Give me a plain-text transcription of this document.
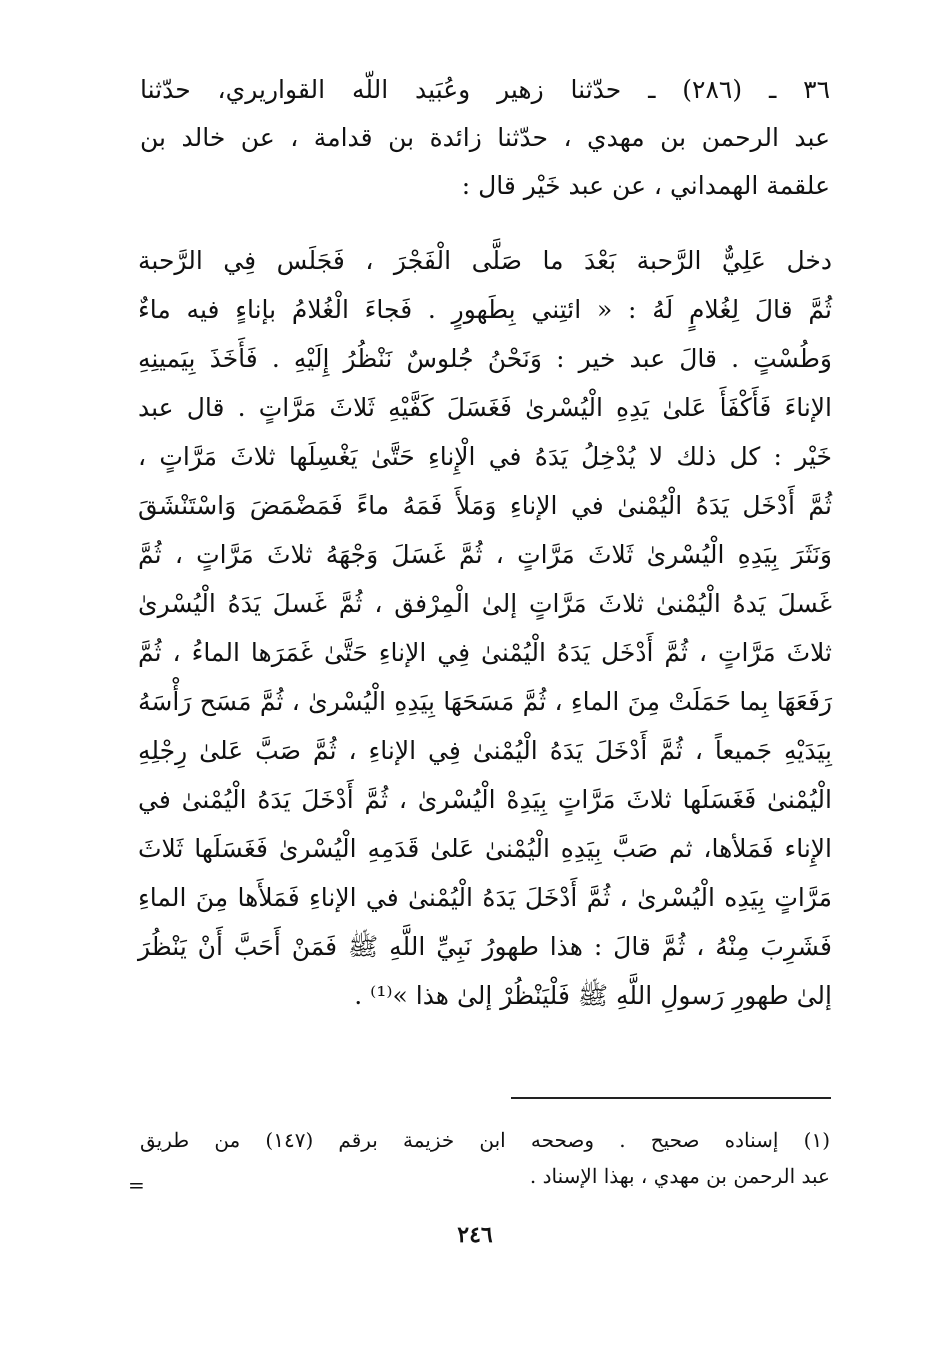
٣٦ ـ (٢٨٦) ـ حدّثنا زهير وعُبَيد اللّه القواريري، حدّثنا
عبد الرحمن بن مهدي ، حدّثنا زائدة بن قدامة ، عن خالد بن
علقمة الهمداني ، عن عبد خَيْر قال :
دخل عَلِيٌّ الرَّحبة بَعْدَ ما صَلَّى الْفَجْرَ ، فَجَلَس فِي الرَّحبة
ثُمَّ قالَ لِغُلامٍ لَهُ : « ائتِني بِطَهورٍ . فَجاءَ الْغُلامُ بإناءٍ فيه ماءٌ
وَطُسْتٍ . قالَ عبد خير : وَنَحْنُ جُلوسٌ نَنْظُرُ إِلَيْهِ . فَأَخَذَ بِيَمينِهِ
الإناءَ فَأَكْفَأَ عَلىٰ يَدِهِ الْيُسْرىٰ فَغَسَلَ كَفَّيْهِ ثَلاثَ مَرَّاتٍ . قال عبد
خَيْر : كل ذلك لا يُدْخِلُ يَدَهُ في الْإِناءِ حَتَّىٰ يَغْسِلَها ثلاثَ مَرَّاتٍ ،
ثُمَّ أَدْخَل يَدَهُ الْيُمْنىٰ في الإناءِ وَمَلأَ فَمَهُ ماءً فَمَضْمَضَ وَاسْتَنْشَقَ
وَنَثَرَ بِيَدِهِ الْيُسْرىٰ ثَلاثَ مَرَّاتٍ ، ثُمَّ غَسَلَ وَجْهَهُ ثلاثَ مَرَّاتٍ ، ثُمَّ
غَسلَ يَدهُ الْيُمْنىٰ ثلاثَ مَرَّاتٍ إلىٰ الْمِرْفق ، ثُمَّ غَسلَ يَدَهُ الْيُسْرىٰ
ثلاثَ مَرَّاتٍ ، ثُمَّ أَدْخَل يَدَهُ الْيُمْنىٰ فِي الإناءِ حَتَّىٰ غَمَرَها الماءُ ، ثُمَّ
رَفَعَهَا بِما حَمَلَتْ مِنَ الماءِ ، ثُمَّ مَسَحَهَا بِيَدِهِ الْيُسْرىٰ ، ثُمَّ مَسَح رَأْسَهُ
بِيَدَيْهِ جَميعاً ، ثُمَّ أَدْخَلَ يَدَهُ الْيُمْنىٰ فِي الإناءِ ، ثُمَّ صَبَّ عَلىٰ رِجْلِهِ
الْيُمْنىٰ فَغَسَلَها ثلاثَ مَرَّاتٍ بِيَدِهْ الْيُسْرىٰ ، ثُمَّ أَدْخَلَ يَدَهُ الْيُمْنىٰ في
الإِناء فَمَلأها، ثم صَبَّ بِيَدِهِ الْيُمْنىٰ عَلىٰ قَدَمِهِ الْيُسْرىٰ فَغَسَلَها ثَلاثَ
مَرَّاتٍ بِيَدِه الْيُسْرىٰ ، ثُمَّ أَدْخَلَ يَدَهُ الْيُمْنىٰ في الإناءِ فَمَلأَها مِنَ الماءِ
فَشَرِبَ مِنْهُ ، ثُمَّ قالَ : هذا طهورُ نَبِيِّ اللَّهِ ﷺ فَمَنْ أَحَبَّ أَنْ يَنْظُرَ
إلىٰ طهورِ رَسولِ اللَّهِ ﷺ فَلْيَنْظُرْ إلىٰ هذا »⁽¹⁾ .
(١) إسناده صحيح . وصححه ابن خزيمة برقم (١٤٧) من طريق
عبد الرحمن بن مهدي ، بهذا الإسناد .
=
٢٤٦
